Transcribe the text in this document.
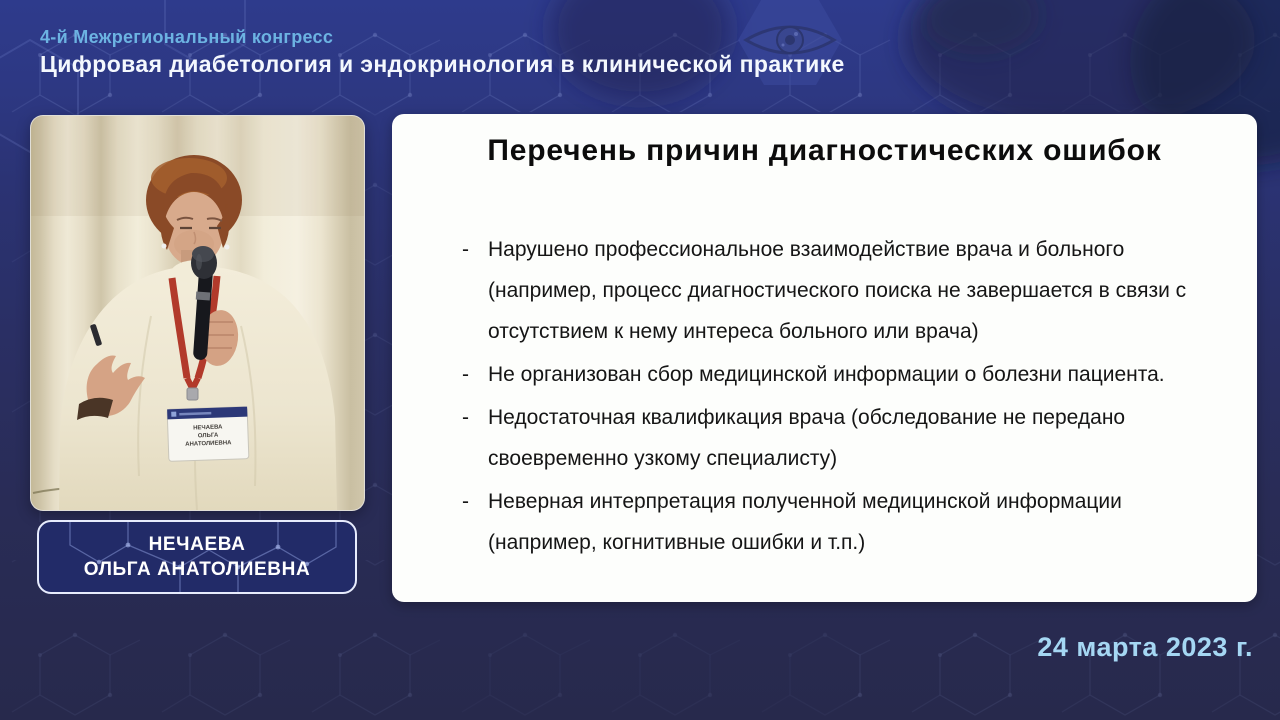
4-й Межрегиональный конгресс
Цифровая диабетология и эндокринология в клинической практике
НЕЧАЕВА
ОЛЬГА
АНАТОЛИЕВНА
НЕЧАЕВА
ОЛЬГА АНАТОЛИЕВНА
Перечень причин диагностических ошибок
- Нарушено профессиональное взаимодействие врача и больного (например, процесс диагностического поиска не завершается в связи с отсутствием к нему интереса больного или врача)
- Не организован сбор медицинской информации о болезни пациента.
- Недостаточная квалификация врача (обследование не передано своевременно узкому специалисту)
- Неверная интерпретация полученной медицинской информации (например, когнитивные ошибки и т.п.)
24 марта 2023 г.
